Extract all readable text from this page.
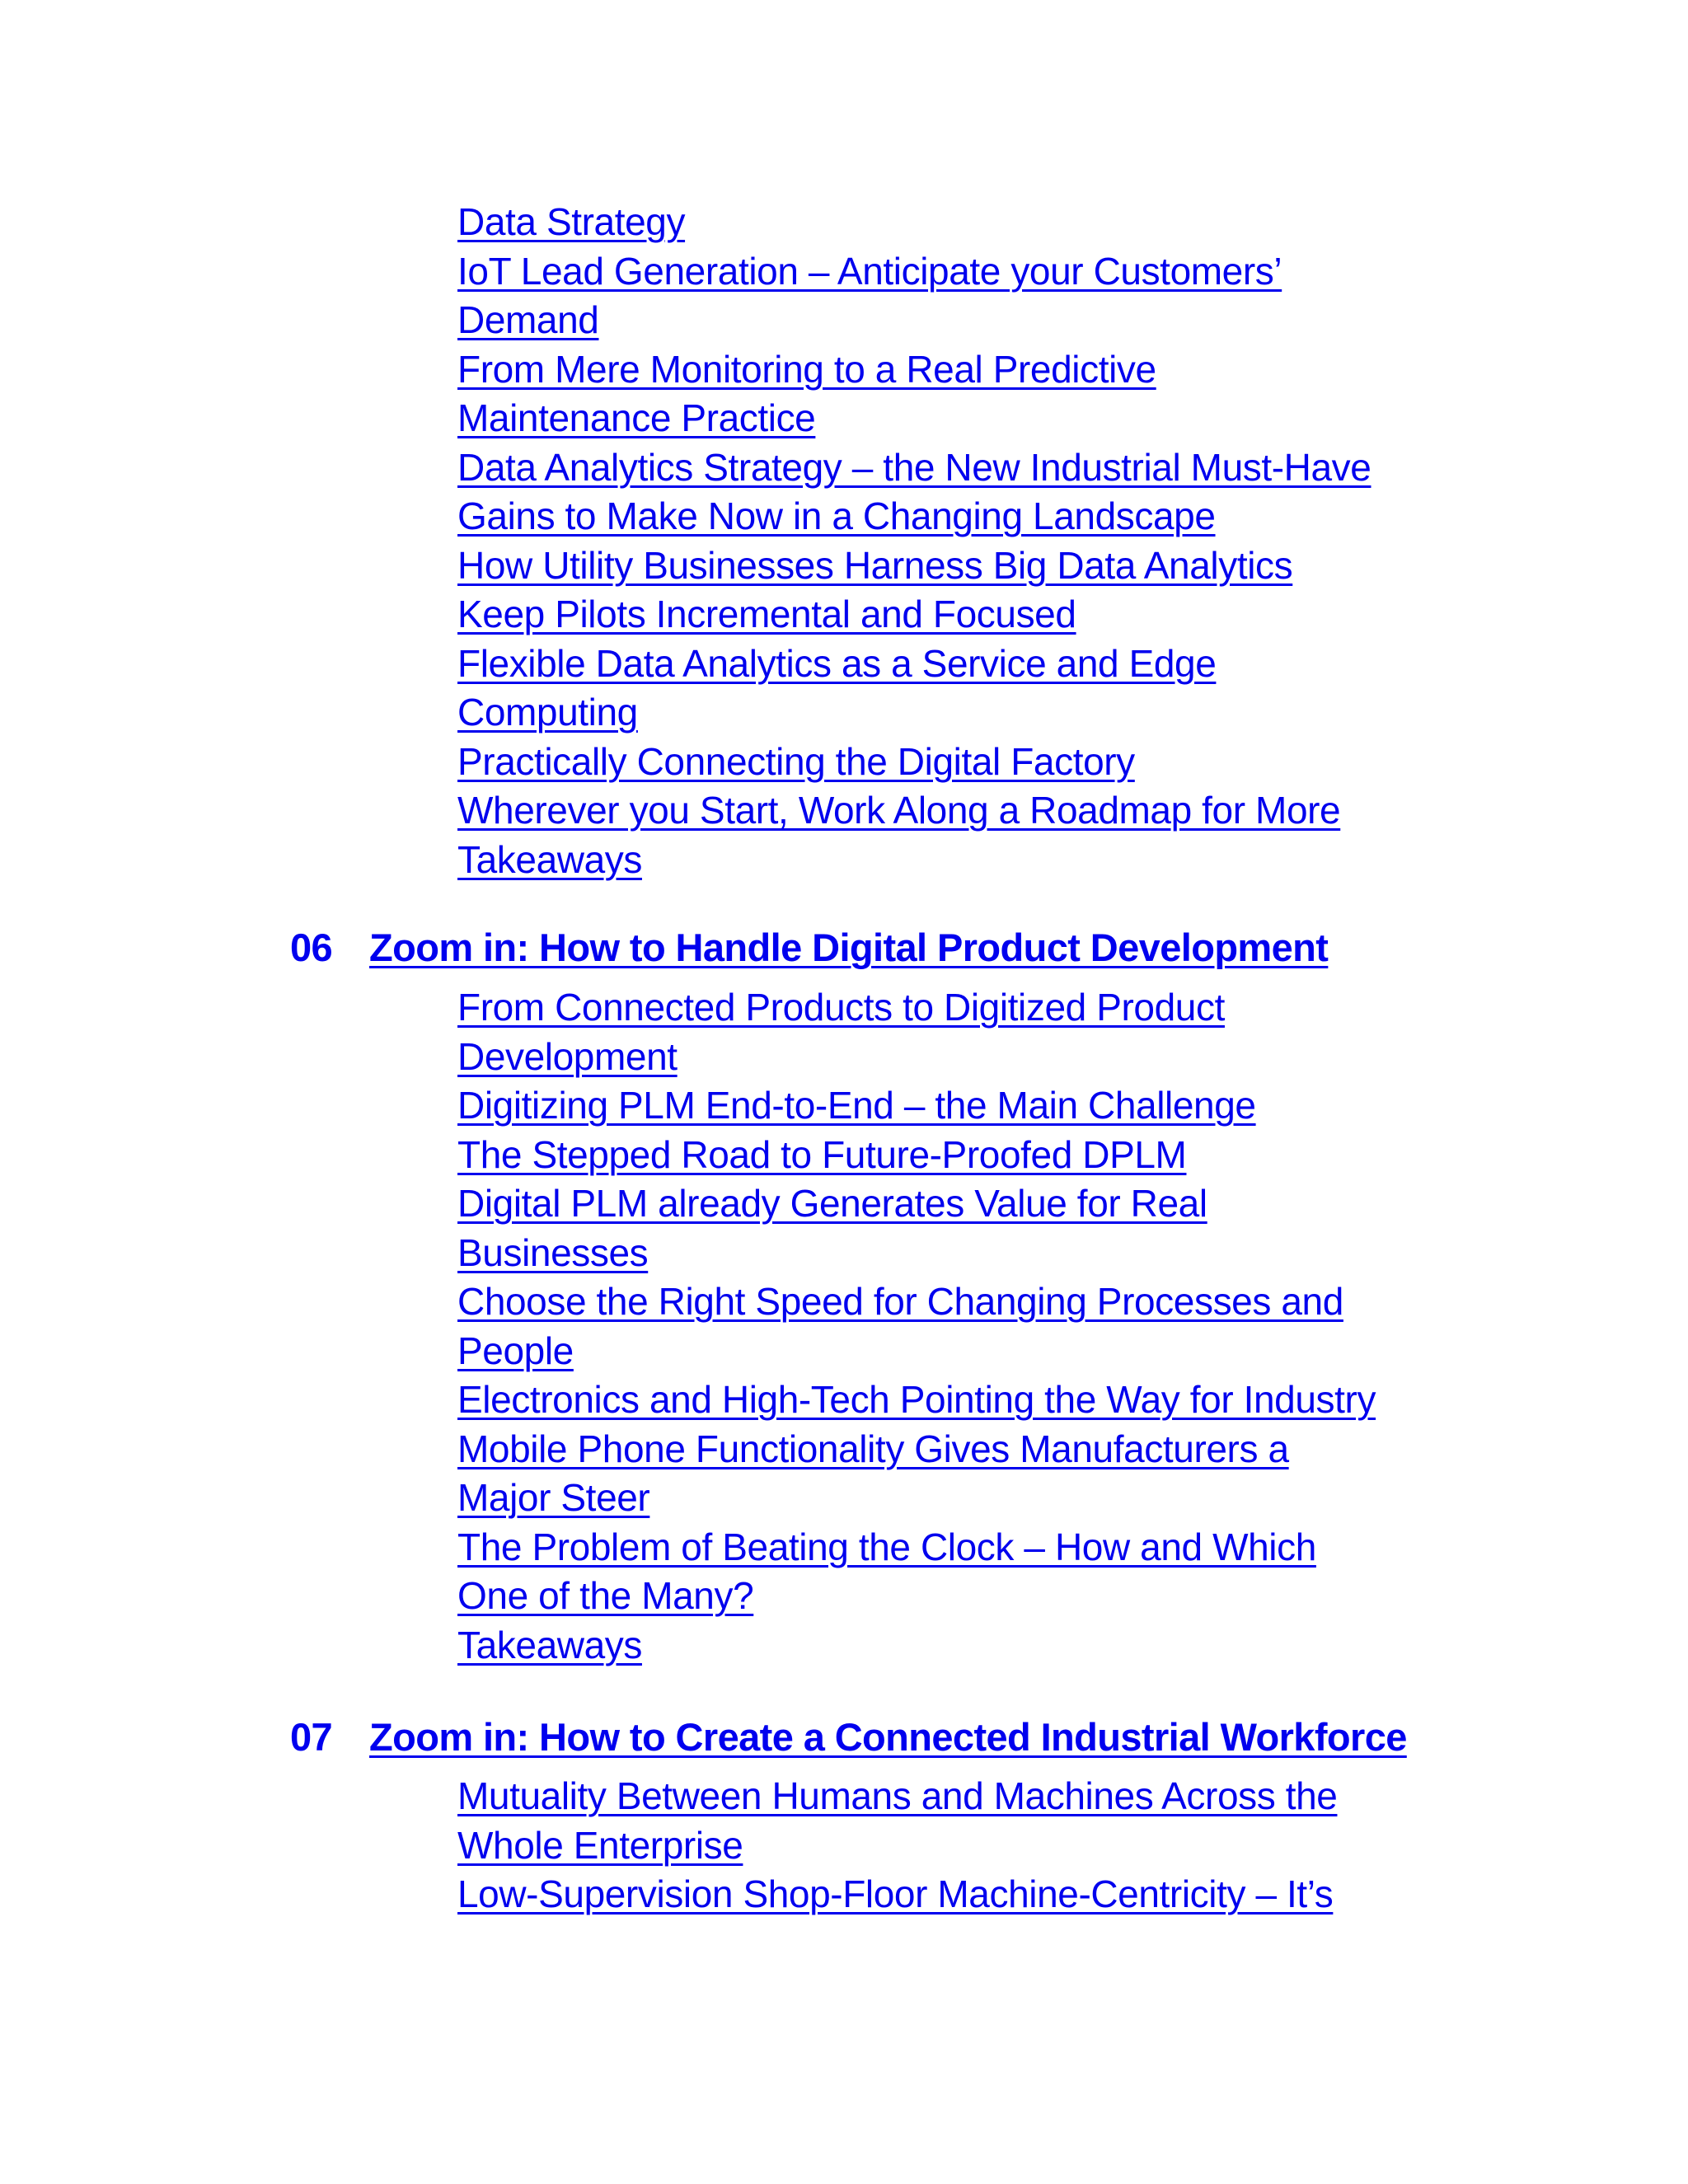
Data Strategy
IoT Lead Generation – Anticipate your Customers’
Demand
From Mere Monitoring to a Real Predictive
Maintenance Practice
Data Analytics Strategy – the New Industrial Must-Have
Gains to Make Now in a Changing Landscape
How Utility Businesses Harness Big Data Analytics
Keep Pilots Incremental and Focused
Flexible Data Analytics as a Service and Edge
Computing
Practically Connecting the Digital Factory
Wherever you Start, Work Along a Roadmap for More
Takeaways
06 Zoom in: How to Handle Digital Product Development
From Connected Products to Digitized Product
Development
Digitizing PLM End-to-End – the Main Challenge
The Stepped Road to Future-Proofed DPLM
Digital PLM already Generates Value for Real
Businesses
Choose the Right Speed for Changing Processes and
People
Electronics and High-Tech Pointing the Way for Industry
Mobile Phone Functionality Gives Manufacturers a
Major Steer
The Problem of Beating the Clock – How and Which
One of the Many?
Takeaways
07 Zoom in: How to Create a Connected Industrial Workforce
Mutuality Between Humans and Machines Across the
Whole Enterprise
Low-Supervision Shop-Floor Machine-Centricity – It’s
